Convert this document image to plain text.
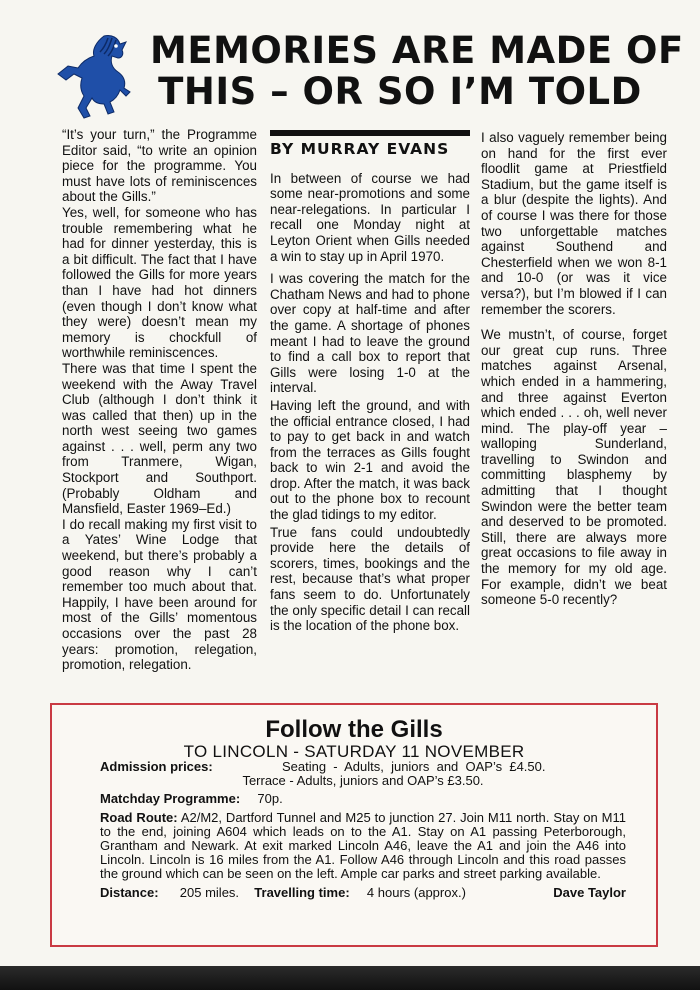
MEMORIES ARE MADE OF
THIS – OR SO I’M TOLD

“It’s your turn,” the Programme Editor said, “to write an opinion piece for the programme. You must have lots of reminiscences about the Gills.”

Yes, well, for someone who has trouble remembering what he had for dinner yesterday, this is a bit difficult. The fact that I have followed the Gills for more years than I have had hot dinners (even though I don’t know what they were) doesn’t mean my memory is chockfull of worthwhile reminiscences.

There was that time I spent the weekend with the Away Travel Club (although I don’t think it was called that then) up in the north west seeing two games against . . . well, perm any two from Tranmere, Wigan, Stockport and Southport. (Probably Oldham and Mansfield, Easter 1969–Ed.)

I do recall making my first visit to a Yates’ Wine Lodge that weekend, but there’s probably a good reason why I can’t remember too much about that. Happily, I have been around for most of the Gills’ momentous occasions over the past 28 years: promotion, relegation, promotion, relegation.

BY MURRAY EVANS

In between of course we had some near-promotions and some near-relegations. In particular I recall one Monday night at Leyton Orient when Gills needed a win to stay up in April 1970.

I was covering the match for the Chatham News and had to phone over copy at half-time and after the game. A shortage of phones meant I had to leave the ground to find a call box to report that Gills were losing 1-0 at the interval.

Having left the ground, and with the official entrance closed, I had to pay to get back in and watch from the terraces as Gills fought back to win 2-1 and avoid the drop. After the match, it was back out to the phone box to recount the glad tidings to my editor.

True fans could undoubtedly provide here the details of scorers, times, bookings and the rest, because that’s what proper fans seem to do. Unfortunately the only specific detail I can recall is the location of the phone box.

I also vaguely remember being on hand for the first ever floodlit game at Priestfield Stadium, but the game itself is a blur (despite the lights). And of course I was there for those two unforgettable matches against Southend and Chesterfield when we won 8-1 and 10-0 (or was it vice versa?), but I’m blowed if I can remember the scorers.

We mustn’t, of course, forget our great cup runs. Three matches against Arsenal, which ended in a hammering, and three against Everton which ended . . . oh, well never mind. The play-off year – walloping Sunderland, travelling to Swindon and committing blasphemy by admitting that I thought Swindon were the better team and deserved to be promoted. Still, there are always more great occasions to file away in the memory for my old age. For example, didn’t we beat someone 5-0 recently?

Follow the Gills
TO LINCOLN - SATURDAY 11 NOVEMBER

Admission prices:	Seating  -  Adults,  juniors  and  OAP’s  £4.50.

Terrace - Adults, juniors and OAP’s £3.50.

Matchday Programme: 70p.

Road Route: A2/M2, Dartford Tunnel and M25 to junction 27. Join M11 north. Stay on M11 to the end, joining A604 which leads on to the A1. Stay on A1 passing Peterborough, Grantham and Newark. At exit marked Lincoln A46, leave the A1 and join the A46 into Lincoln. Lincoln is 16 miles from the A1. Follow A46 through Lincoln and this road passes the ground which can be seen on the left. Ample car parks and street parking available.

Distance: 205 miles. Travelling time: 4 hours (approx.)	Dave Taylor
